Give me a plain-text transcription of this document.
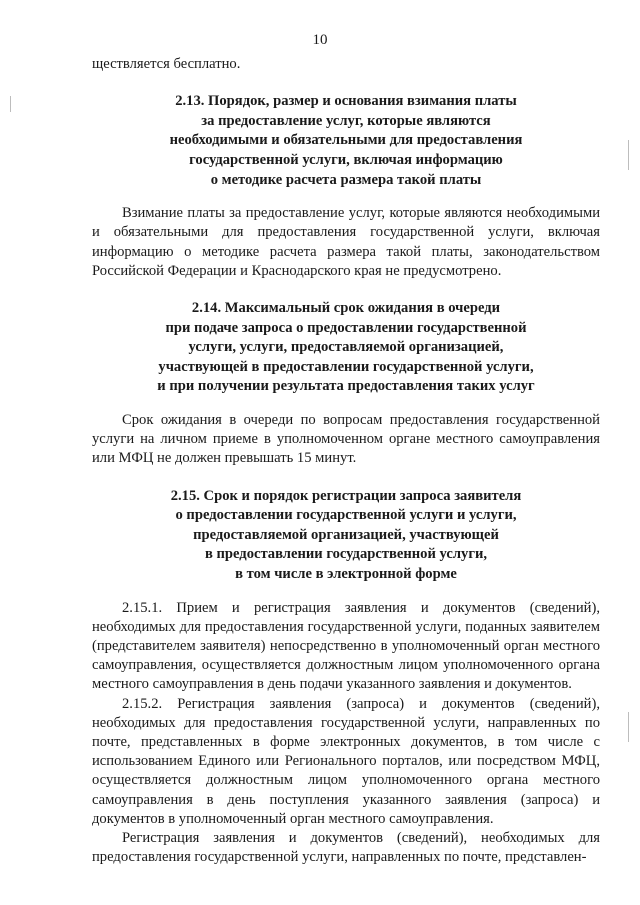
10

ществляется бесплатно.

2.13. Порядок, размер и основания взимания платы
за предоставление услуг, которые являются
необходимыми и обязательными для предоставления
государственной услуги, включая информацию
о методике расчета размера такой платы

Взимание платы за предоставление услуг, которые являются необходимыми и обязательными для предоставления государственной услуги, включая информацию о методике расчета размера такой платы, законодательством Российской Федерации и Краснодарского края не предусмотрено.

2.14. Максимальный срок ожидания в очереди
при подаче запроса о предоставлении государственной
услуги, услуги, предоставляемой организацией,
участвующей в предоставлении государственной услуги,
и при получении результата предоставления таких услуг

Срок ожидания в очереди по вопросам предоставления государственной услуги на личном приеме в уполномоченном органе местного самоуправления или МФЦ не должен превышать 15 минут.

2.15. Срок и порядок регистрации запроса заявителя
о предоставлении государственной услуги и услуги,
предоставляемой организацией, участвующей
в предоставлении государственной услуги,
в том числе в электронной форме

2.15.1. Прием и регистрация заявления и документов (сведений), необходимых для предоставления государственной услуги, поданных заявителем (представителем заявителя) непосредственно в уполномоченный орган местного самоуправления, осуществляется должностным лицом уполномоченного органа местного самоуправления в день подачи указанного заявления и документов.

2.15.2. Регистрация заявления (запроса) и документов (сведений), необходимых для предоставления государственной услуги, направленных по почте, представленных в форме электронных документов, в том числе с использованием Единого или Регионального порталов, или посредством МФЦ, осуществляется должностным лицом уполномоченного органа местного самоуправления в день поступления указанного заявления (запроса) и документов в уполномоченный орган местного самоуправления.

Регистрация заявления и документов (сведений), необходимых для предоставления государственной услуги, направленных по почте, представлен-
